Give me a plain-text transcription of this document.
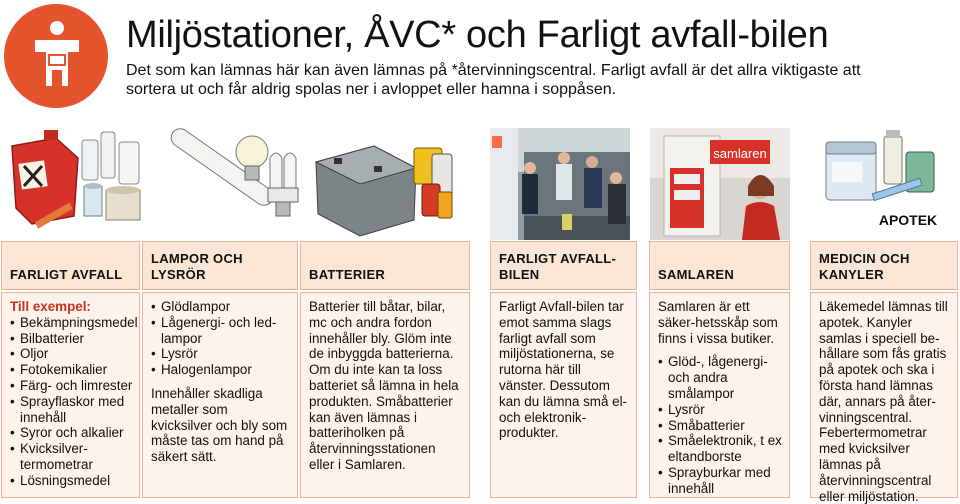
Miljöstationer, ÅVC* och Farligt avfall-bilen
Det som kan lämnas här kan även lämnas på *återvinningscentral. Farligt avfall är det allra viktigaste att sortera ut och får aldrig spolas ner i avloppet eller hamna i soppåsen.
samlaren
APOTEK
FARLIGT AVFALL
LAMPOR OCH LYSRÖR	BATTERIER
FARLIGT AVFALL-BILEN	SAMLAREN
MEDICIN OCH KANYLER

Till exempel:

• Bekämpningsmedel
• Bilbatterier
• Oljor
• Fotokemikalier
• Färg- och limrester
• Sprayflaskor med innehåll
• Syror och alkalier
• Kvicksilver-termometrar
• Lösningsmedel
• Glödlampor
• Lågenergi- och led-lampor
• Lysrör
• Halogenlampor

Innehåller skadliga metaller som kvicksilver och bly som måste tas om hand på säkert sätt.

Batterier till båtar, bilar, mc och andra fordon innehåller bly. Glöm inte de inbyggda batterierna. Om du inte kan ta loss batteriet så lämna in hela produkten. Småbatterier kan även lämnas i batteriholken på återvinningsstationen eller i Samlaren.

Farligt Avfall-bilen tar emot samma slags farligt avfall som miljöstationerna, se rutorna här till vänster. Dessutom kan du lämna små el- och elektronik-produkter.

Samlaren är ett säker-hetsskåp som finns i vissa butiker.

• Glöd-, lågenergi- och andra smålampor
• Lysrör
• Småbatterier
• Småelektronik, t ex eltandborste
• Sprayburkar med innehåll

Läkemedel lämnas till apotek. Kanyler samlas i speciell be-hållare som fås gratis på apotek och ska i första hand lämnas där, annars på åter-vinningscentral. Febertermometrar med kvicksilver lämnas på återvinningscentral eller miljöstation.
